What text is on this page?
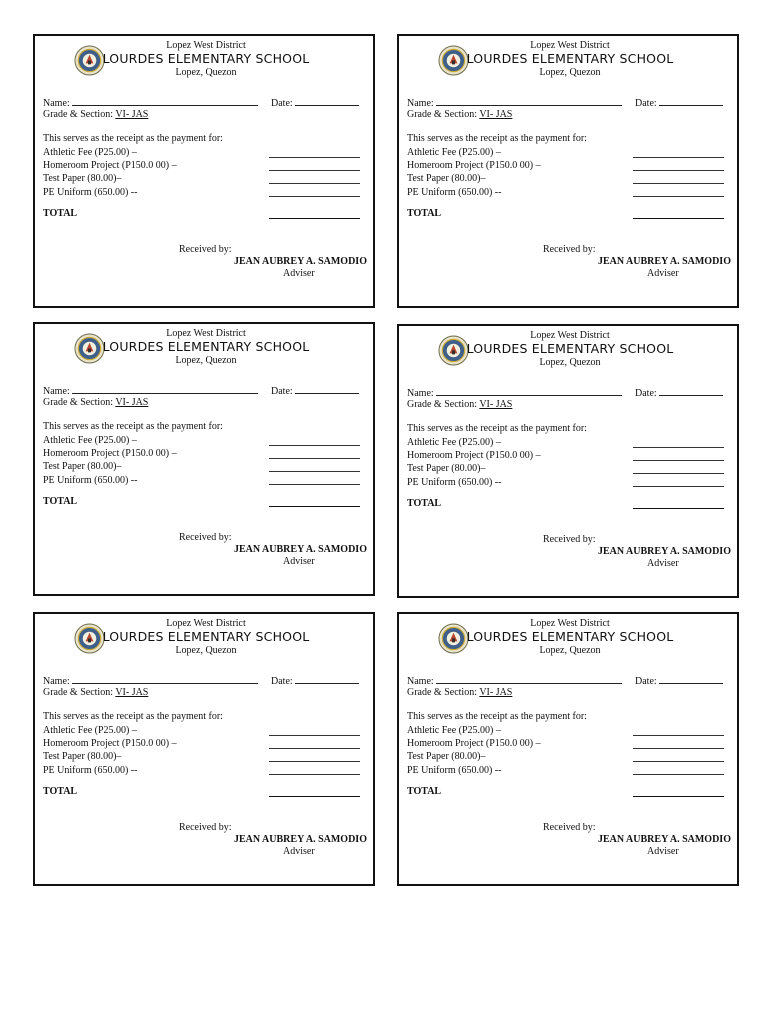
Lopez West District
LOURDES ELEMENTARY SCHOOL
Lopez, Quezon
Name:	Date:
Grade & Section: VI- JAS
This serves as the receipt as the payment for:
Athletic Fee (P25.00) –
Homeroom Project (P150.0 00) –
Test Paper (80.00)–
PE Uniform (650.00) --
TOTAL
Received by:
JEAN AUBREY A. SAMODIO
Adviser
Lopez West District
LOURDES ELEMENTARY SCHOOL
Lopez, Quezon
Name:	Date:
Grade & Section: VI- JAS
This serves as the receipt as the payment for:
Athletic Fee (P25.00) –
Homeroom Project (P150.0 00) –
Test Paper (80.00)–
PE Uniform (650.00) --
TOTAL
Received by:
JEAN AUBREY A. SAMODIO
Adviser
Lopez West District
LOURDES ELEMENTARY SCHOOL
Lopez, Quezon
Name:	Date:
Grade & Section: VI- JAS
This serves as the receipt as the payment for:
Athletic Fee (P25.00) –
Homeroom Project (P150.0 00) –
Test Paper (80.00)–
PE Uniform (650.00) --
TOTAL
Received by:
JEAN AUBREY A. SAMODIO
Adviser
Lopez West District
LOURDES ELEMENTARY SCHOOL
Lopez, Quezon
Name:	Date:
Grade & Section: VI- JAS
This serves as the receipt as the payment for:
Athletic Fee (P25.00) –
Homeroom Project (P150.0 00) –
Test Paper (80.00)–
PE Uniform (650.00) --
TOTAL
Received by:
JEAN AUBREY A. SAMODIO
Adviser
Lopez West District
LOURDES ELEMENTARY SCHOOL
Lopez, Quezon
Name:	Date:
Grade & Section: VI- JAS
This serves as the receipt as the payment for:
Athletic Fee (P25.00) –
Homeroom Project (P150.0 00) –
Test Paper (80.00)–
PE Uniform (650.00) --
TOTAL
Received by:
JEAN AUBREY A. SAMODIO
Adviser
Lopez West District
LOURDES ELEMENTARY SCHOOL
Lopez, Quezon
Name:	Date:
Grade & Section: VI- JAS
This serves as the receipt as the payment for:
Athletic Fee (P25.00) –
Homeroom Project (P150.0 00) –
Test Paper (80.00)–
PE Uniform (650.00) --
TOTAL
Received by:
JEAN AUBREY A. SAMODIO
Adviser
